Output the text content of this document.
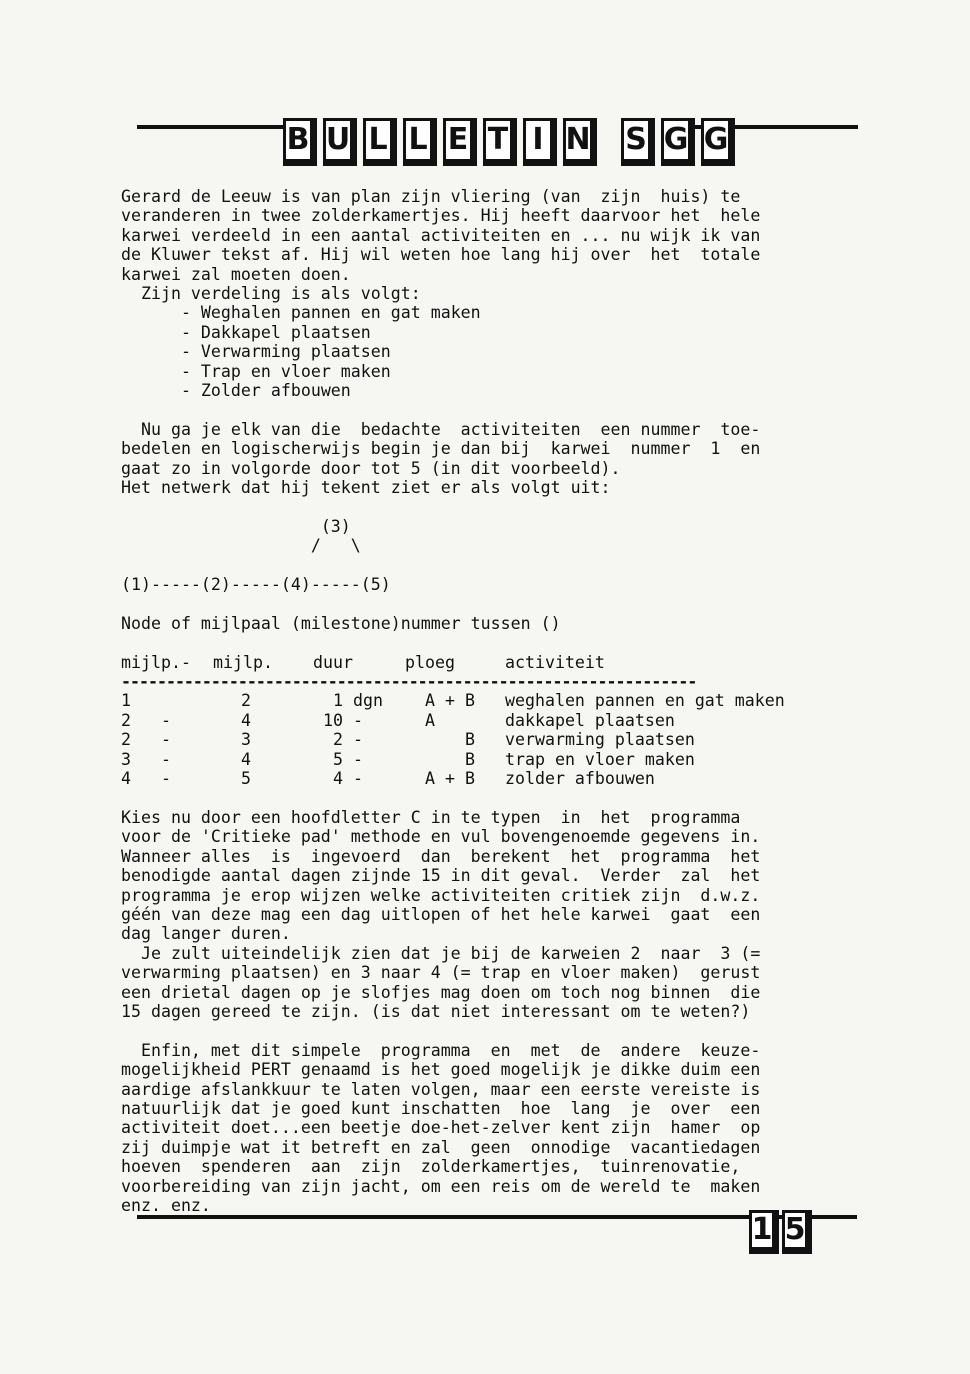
B U L L E T I N S G G

Gerard de Leeuw is van plan zijn vliering (van  zijn  huis) te

veranderen in twee zolderkamertjes. Hij heeft daarvoor het  hele

karwei verdeeld in een aantal activiteiten en ... nu wijk ik van

de Kluwer tekst af. Hij wil weten hoe lang hij over  het  totale

karwei zal moeten doen.

Zijn verdeling is als volgt:

- Weghalen pannen en gat maken

- Dakkapel plaatsen

- Verwarming plaatsen

- Trap en vloer maken

- Zolder afbouwen

Nu ga je elk van die  bedachte  activiteiten  een nummer  toe-

bedelen en logischerwijs begin je dan bij  karwei  nummer  1  en

gaat zo in volgorde door tot 5 (in dit voorbeeld).

Het netwerk dat hij tekent ziet er als volgt uit:

(3)

/   \

(1)-----(2)-----(4)-----(5)

Node of mijlpaal (milestone)nummer tussen ()

mijlp.-		mijlp.	duur	ploeg	activiteit
----------------------------------------------------------------				
1		2	1 dgn	A + B	weghalen pannen en gat maken
2 -		4	10 -	A	dakkapel plaatsen
2 -		3	2 -	B	verwarming plaatsen
3 -		4	5 -	B	trap en vloer maken
4 -		5	4 -	A + B	zolder afbouwen

Kies nu door een hoofdletter C in te typen  in  het  programma

voor de 'Critieke pad' methode en vul bovengenoemde gegevens in.

Wanneer alles  is  ingevoerd  dan  berekent  het  programma  het

benodigde aantal dagen zijnde 15 in dit geval.  Verder  zal  het

programma je erop wijzen welke activiteiten critiek zijn  d.w.z.

géén van deze mag een dag uitlopen of het hele karwei  gaat  een

dag langer duren.

Je zult uiteindelijk zien dat je bij de karweien 2  naar  3 (=

verwarming plaatsen) en 3 naar 4 (= trap en vloer maken)  gerust

een drietal dagen op je slofjes mag doen om toch nog binnen  die

15 dagen gereed te zijn. (is dat niet interessant om te weten?)

Enfin, met dit simpele  programma  en  met  de  andere  keuze-

mogelijkheid PERT genaamd is het goed mogelijk je dikke duim een

aardige afslankkuur te laten volgen, maar een eerste vereiste is

natuurlijk dat je goed kunt inschatten  hoe  lang  je  over  een

activiteit doet...een beetje doe-het-zelver kent zijn  hamer  op

zij duimpje wat it betreft en zal  geen  onnodige  vacantiedagen

hoeven  spenderen  aan  zijn  zolderkamertjes,  tuinrenovatie,

voorbereiding van zijn jacht, om een reis om de wereld te  maken

enz. enz.

1 5
